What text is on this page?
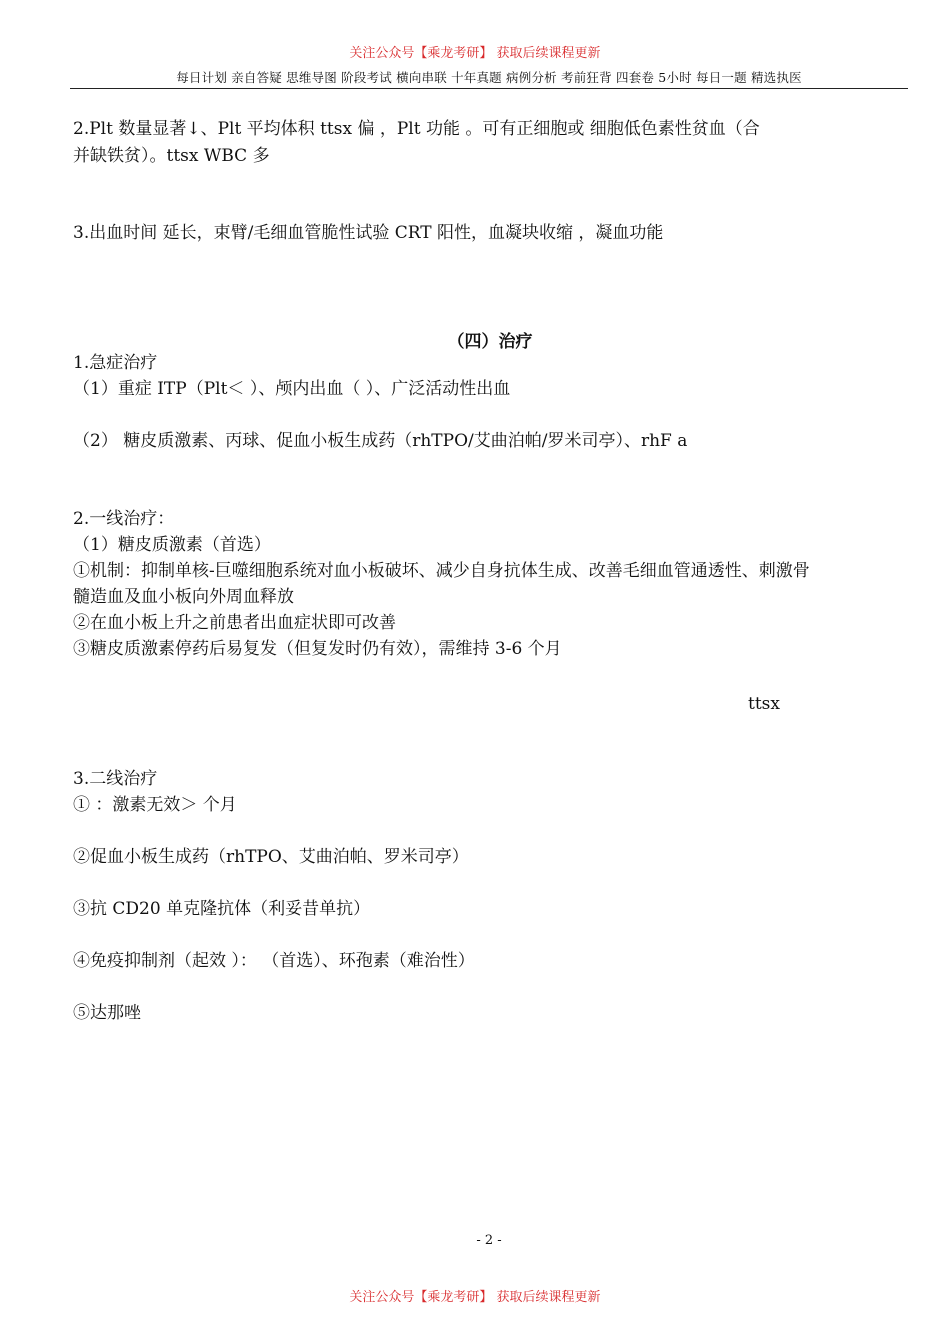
关注公众号【乘龙考研】 获取后续课程更新
每日计划 亲自答疑 思维导图 阶段考试 横向串联 十年真题 病例分析 考前狂背 四套卷 5小时 每日一题 精选执医
2.Plt 数量显著↓、Plt 平均体积 ttsx 偏 ，Plt 功能 。可有正细胞或 细胞低色素性贫血（合
并缺铁贫）。ttsx WBC 多
3.出血时间 延长，束臂/毛细血管脆性试验 CRT 阳性，血凝块收缩 ，凝血功能
（四）治疗
1.急症治疗
（1）重症 ITP（Plt＜ ）、颅内出血（ ）、广泛活动性出血
（2） 糖皮质激素、丙球、促血小板生成药（rhTPO/艾曲泊帕/罗米司亭）、rhF a
2.一线治疗：
（1）糖皮质激素（首选）
①机制：抑制单核-巨噬细胞系统对血小板破坏、减少自身抗体生成、改善毛细血管通透性、刺激骨
髓造血及血小板向外周血释放
②在血小板上升之前患者出血症状即可改善
③糖皮质激素停药后易复发（但复发时仍有效），需维持 3-6 个月
ttsx
3.二线治疗
① ：激素无效＞ 个月
②促血小板生成药（rhTPO、艾曲泊帕、罗米司亭）
③抗 CD20 单克隆抗体（利妥昔单抗）
④免疫抑制剂（起效 ）： （首选）、环孢素（难治性）
⑤达那唑
- 2 -
关注公众号【乘龙考研】 获取后续课程更新
